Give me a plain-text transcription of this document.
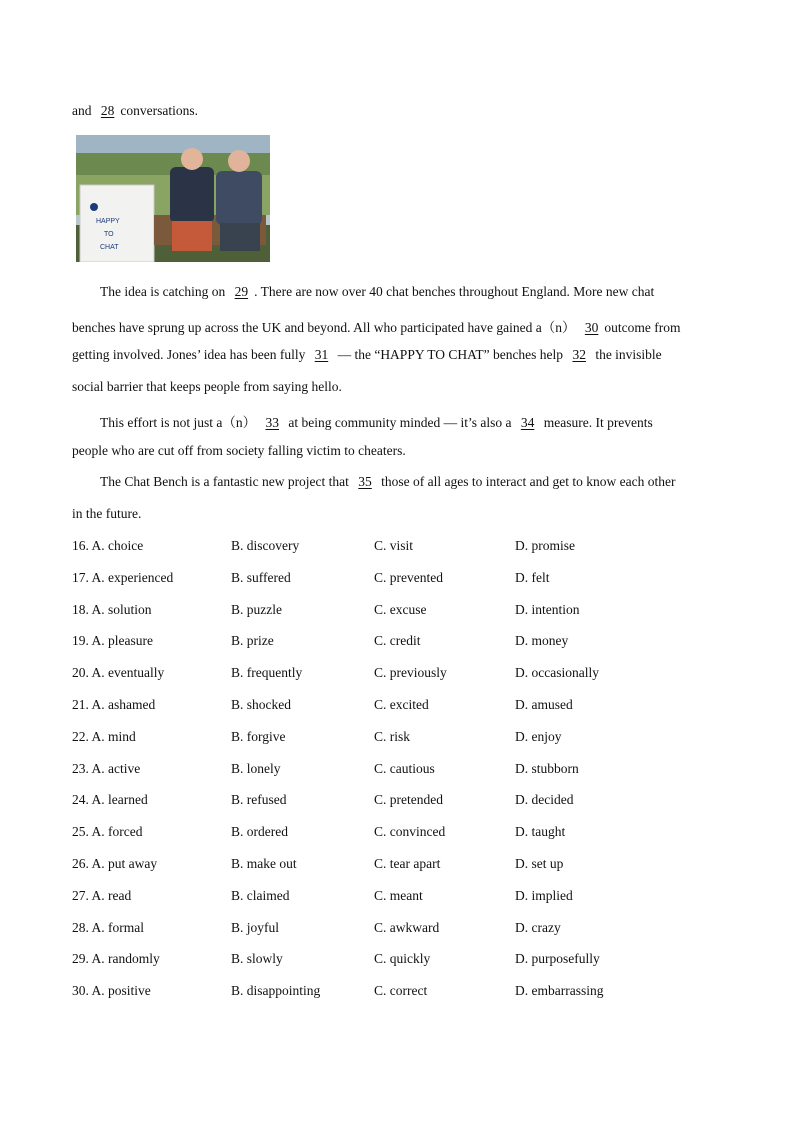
and 28 conversations.
HAPPY
TO
CHAT
The idea is catching on 29 . There are now over 40 chat benches throughout England. More new chat
benches have sprung up across the UK and beyond. All who participated have gained a（n） 30 outcome from
getting involved. Jones’ idea has been fully 31 — the “HAPPY TO CHAT” benches help 32 the invisible
social barrier that keeps people from saying hello.
This effort is not just a（n） 33 at being community minded — it’s also a 34 measure. It prevents
people who are cut off from society falling victim to cheaters.
The Chat Bench is a fantastic new project that 35 those of all ages to interact and get to know each other
in the future.
16. A. choice	B. discovery	C. visit	D. promise
17. A. experienced	B. suffered	C. prevented	D. felt
18. A. solution	B. puzzle	C. excuse	D. intention
19. A. pleasure	B. prize	C. credit	D. money
20. A. eventually	B. frequently	C. previously	D. occasionally
21. A. ashamed	B. shocked	C. excited	D. amused
22. A. mind	B. forgive	C. risk	D. enjoy
23. A. active	B. lonely	C. cautious	D. stubborn
24. A. learned	B. refused	C. pretended	D. decided
25. A. forced	B. ordered	C. convinced	D. taught
26. A. put away	B. make out	C. tear apart	D. set up
27. A. read	B. claimed	C. meant	D. implied
28. A. formal	B. joyful	C. awkward	D. crazy
29. A. randomly	B. slowly	C. quickly	D. purposefully
30. A. positive	B. disappointing	C. correct	D. embarrassing
